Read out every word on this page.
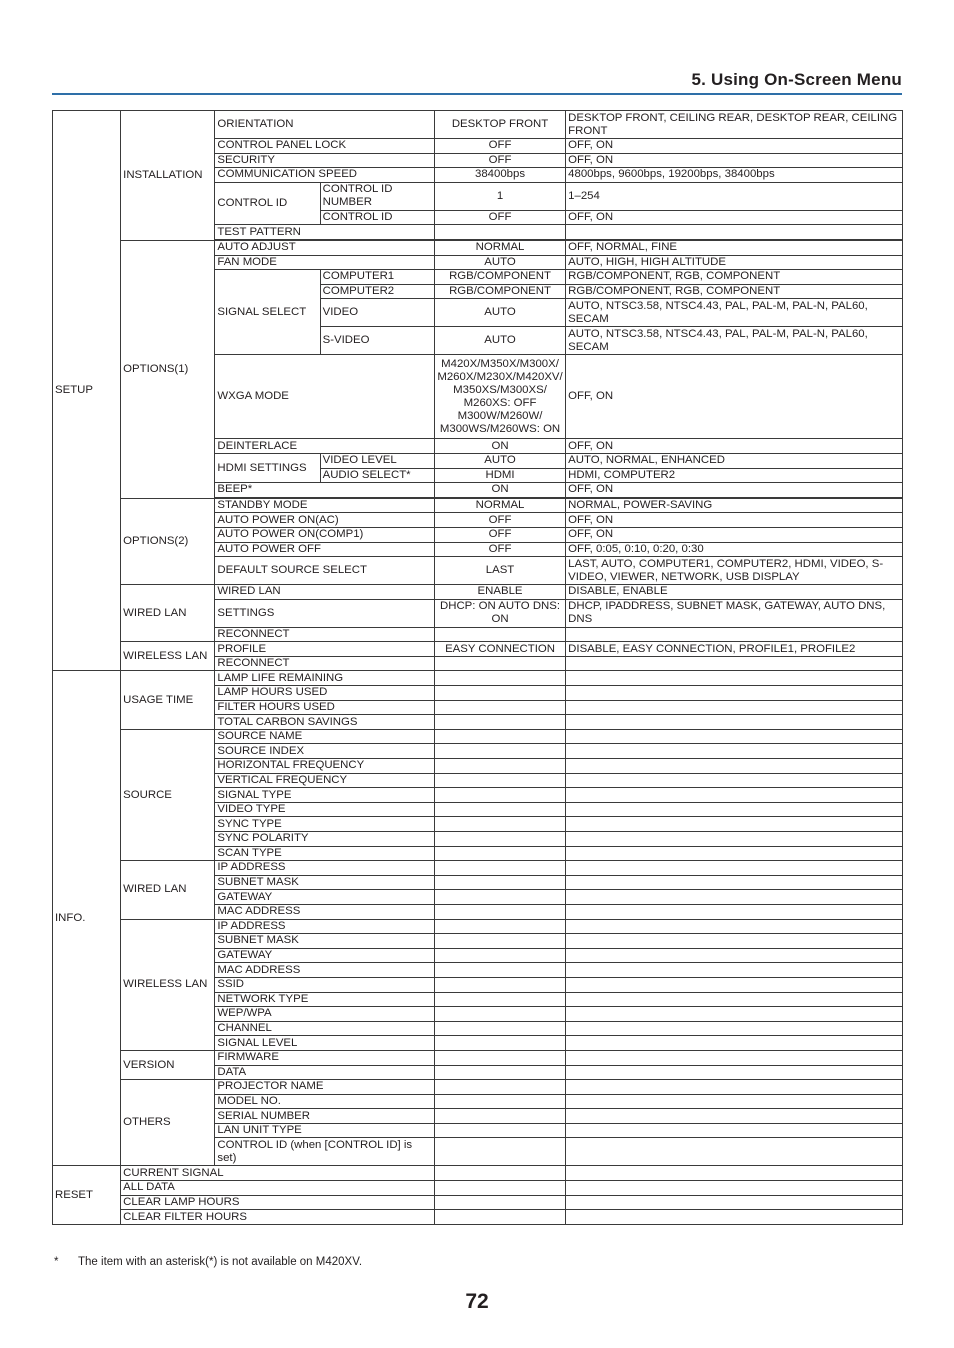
5. Using On-Screen Menu
SETUP	INSTALLATION	ORIENTATION		DESKTOP FRONT	DESKTOP FRONT, CEILING REAR, DESKTOP REAR, CEILING FRONT
		CONTROL PANEL LOCK		OFF	OFF, ON
		SECURITY		OFF	OFF, ON
		COMMUNICATION SPEED		38400bps	4800bps, 9600bps, 19200bps, 38400bps
		CONTROL ID	CONTROL ID NUMBER	1	1–254
			CONTROL ID	OFF	OFF, ON
		TEST PATTERN			

	OPTIONS(1)	AUTO ADJUST		NORMAL	OFF, NORMAL, FINE
		FAN MODE		AUTO	AUTO, HIGH, HIGH ALTITUDE
		SIGNAL SELECT	COMPUTER1	RGB/COMPONENT	RGB/COMPONENT, RGB, COMPONENT
			COMPUTER2	RGB/COMPONENT	RGB/COMPONENT, RGB, COMPONENT
			VIDEO	AUTO	AUTO, NTSC3.58, NTSC4.43, PAL, PAL-M, PAL-N, PAL60, SECAM
			S-VIDEO	AUTO	AUTO, NTSC3.58, NTSC4.43, PAL, PAL-M, PAL-N, PAL60, SECAM
		WXGA MODE		M420X/M350X/M300X/ M260X/M230X/M420XV/ M350XS/M300XS/ M260XS: OFF M300W/M260W/ M300WS/M260WS: ON	OFF, ON
		DEINTERLACE		ON	OFF, ON
		HDMI SETTINGS	VIDEO LEVEL	AUTO	AUTO, NORMAL, ENHANCED
			AUDIO SELECT*	HDMI	HDMI, COMPUTER2
		BEEP*		ON	OFF, ON

	OPTIONS(2)	STANDBY MODE		NORMAL	NORMAL, POWER-SAVING
		AUTO POWER ON(AC)		OFF	OFF, ON
		AUTO POWER ON(COMP1)		OFF	OFF, ON
		AUTO POWER OFF		OFF	OFF, 0:05, 0:10, 0:20, 0:30
		DEFAULT SOURCE SELECT		LAST	LAST, AUTO, COMPUTER1, COMPUTER2, HDMI, VIDEO, S-VIDEO, VIEWER, NETWORK, USB DISPLAY
	WIRED LAN	WIRED LAN		ENABLE	DISABLE, ENABLE
		SETTINGS		DHCP: ON AUTO DNS: ON	DHCP, IPADDRESS, SUBNET MASK, GATEWAY, AUTO DNS, DNS
		RECONNECT			
	WIRELESS LAN	PROFILE		EASY CONNECTION	DISABLE, EASY CONNECTION, PROFILE1, PROFILE2
		RECONNECT			
INFO.	USAGE TIME	LAMP LIFE REMAINING			
		LAMP HOURS USED			
		FILTER HOURS USED			
		TOTAL CARBON SAVINGS			
	SOURCE	SOURCE NAME			
		SOURCE INDEX			
		HORIZONTAL FREQUENCY			
		VERTICAL FREQUENCY			
		SIGNAL TYPE			
		VIDEO TYPE			
		SYNC TYPE			
		SYNC POLARITY			
		SCAN TYPE			
	WIRED LAN	IP ADDRESS			
		SUBNET MASK			
		GATEWAY			
		MAC ADDRESS			
	WIRELESS LAN	IP ADDRESS			
		SUBNET MASK			
		GATEWAY			
		MAC ADDRESS			
		SSID			
		NETWORK TYPE			
		WEP/WPA			
		CHANNEL			
		SIGNAL LEVEL			
	VERSION	FIRMWARE			
		DATA			
	OTHERS	PROJECTOR NAME			
		MODEL NO.			
		SERIAL NUMBER			
		LAN UNIT TYPE			
		CONTROL ID (when [CONTROL ID] is set)			
RESET	CURRENT SIGNAL				
	ALL DATA				
	CLEAR LAMP HOURS				
	CLEAR FILTER HOURS				
* The item with an asterisk(*) is not available on M420XV.
72
